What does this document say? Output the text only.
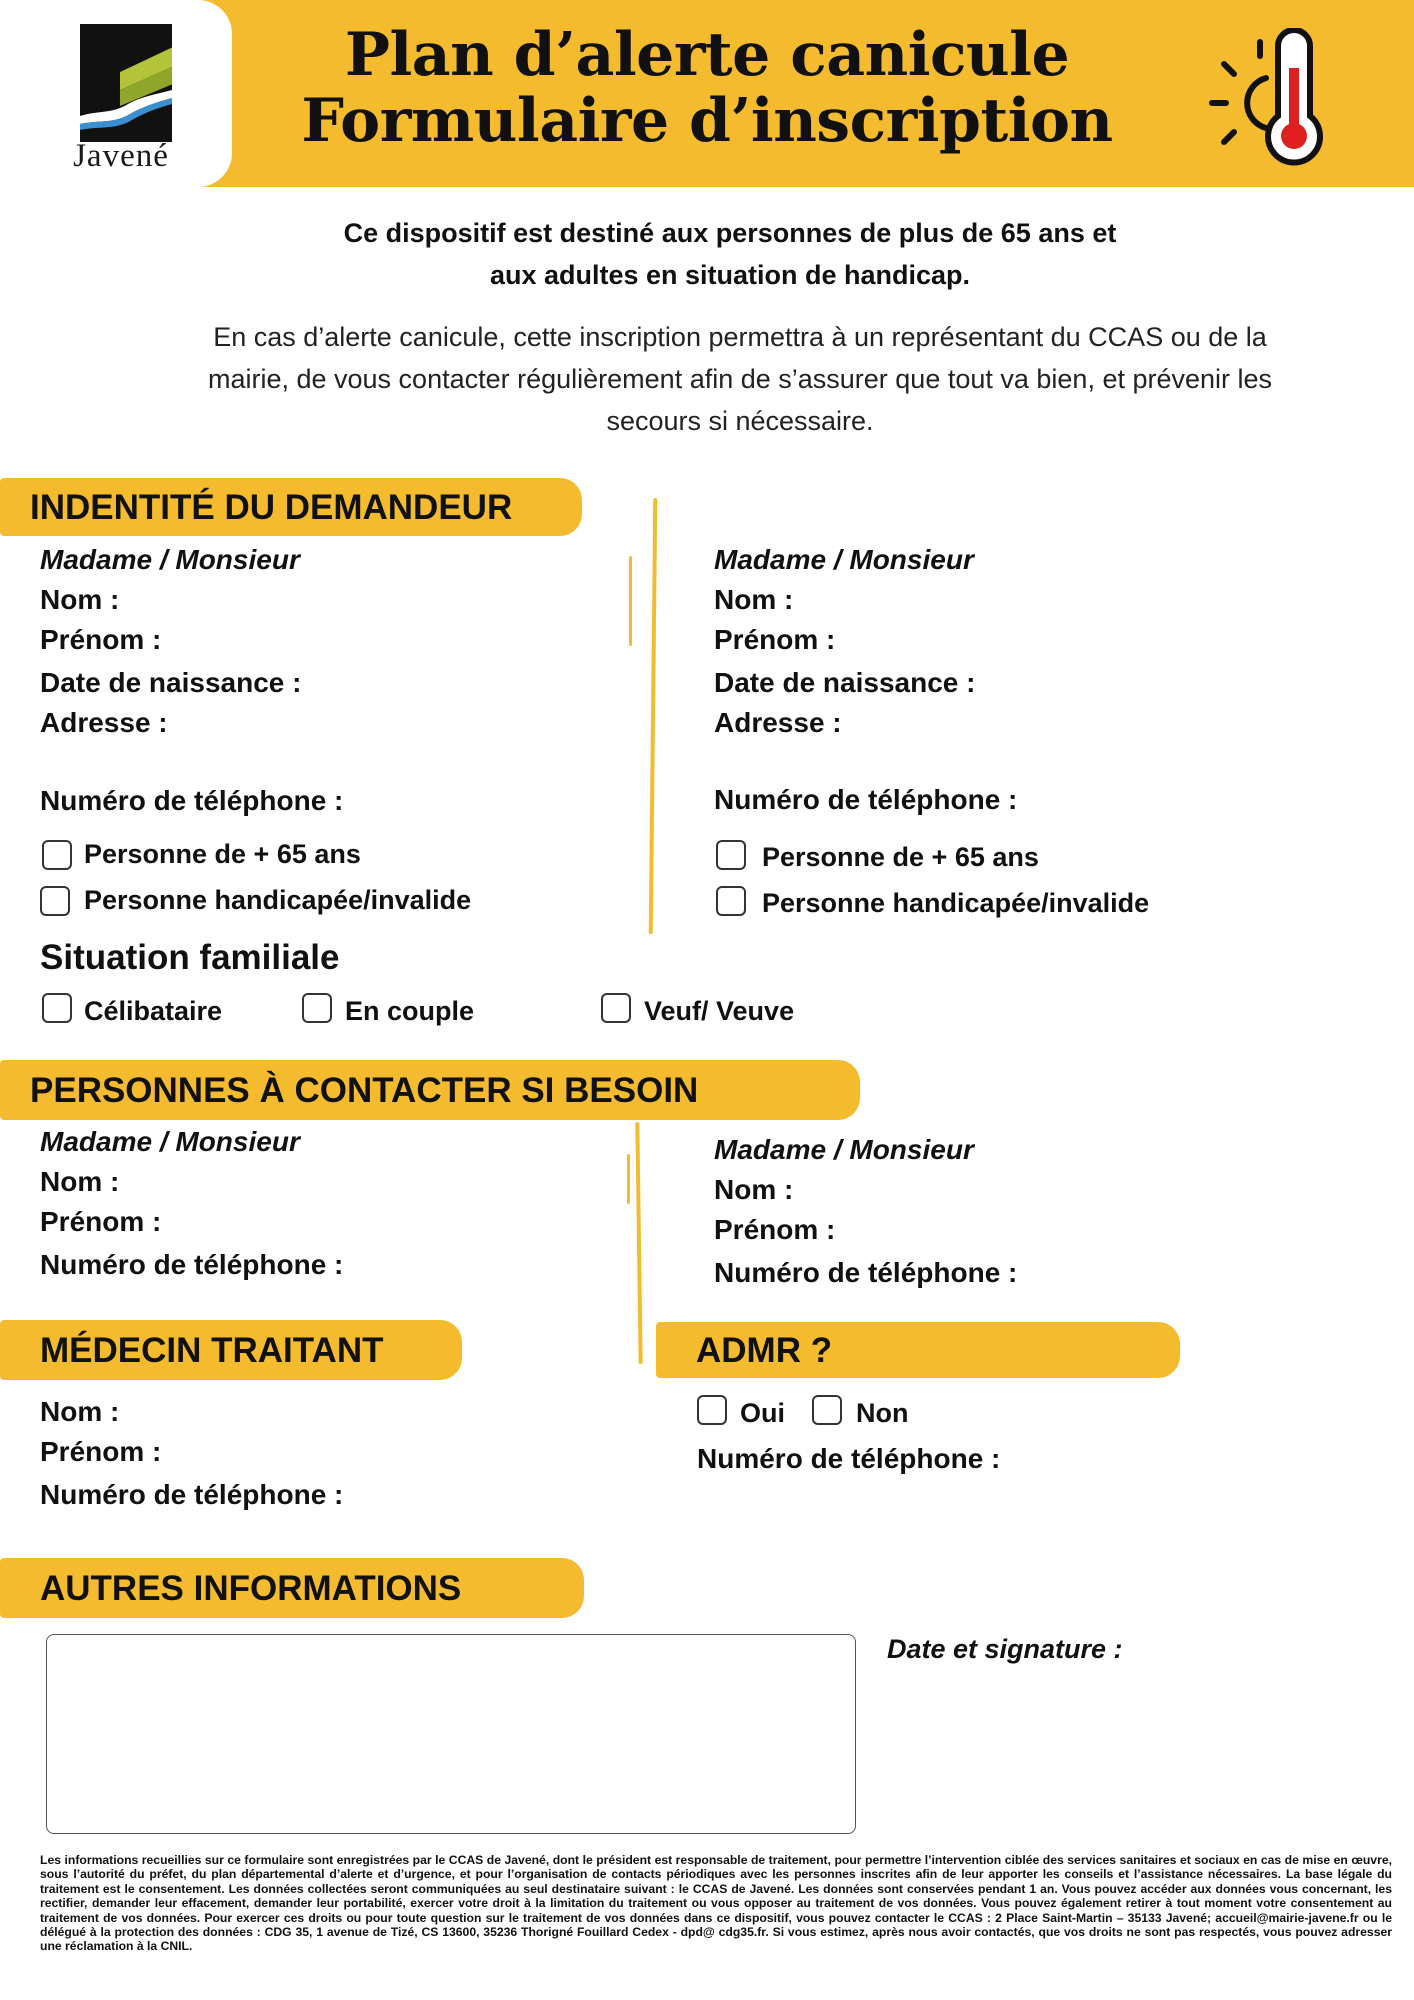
Javené
Plan d’alerte canicule
Formulaire d’inscription
Ce dispositif est destiné aux personnes de plus de 65 ans et
aux adultes en situation de handicap.
En cas d’alerte canicule, cette inscription permettra à un représentant du CCAS ou de la
mairie, de vous contacter régulièrement afin de s’assurer que tout va bien, et prévenir les
secours si nécessaire.
INDENTITÉ DU DEMANDEUR
Madame / Monsieur
Nom :
Prénom :
Date de naissance :
Adresse :
Numéro de téléphone :
Personne de + 65 ans
Personne handicapée/invalide
Madame / Monsieur
Nom :
Prénom :
Date de naissance :
Adresse :
Numéro de téléphone :
Personne de + 65 ans
Personne handicapée/invalide
Situation familiale
Célibataire	En couple	Veuf/ Veuve
PERSONNES À CONTACTER SI BESOIN
Madame / Monsieur
Nom :
Prénom :
Numéro de téléphone :
Madame / Monsieur
Nom :
Prénom :
Numéro de téléphone :
MÉDECIN TRAITANT
Nom :
Prénom :
Numéro de téléphone :
ADMR ?
Oui	Non
Numéro de téléphone :
AUTRES INFORMATIONS
Date et signature :
Les informations recueillies sur ce formulaire sont enregistrées par le CCAS de Javené, dont le président est responsable de traitement, pour permettre l’intervention ciblée des services sanitaires et sociaux en cas de mise en œuvre, sous l’autorité du préfet, du plan départemental d’alerte et d’urgence, et pour l’organisation de contacts périodiques avec les personnes inscrites afin de leur apporter les conseils et l’assistance nécessaires. La base légale du traitement est le consentement. Les données collectées seront communiquées au seul destinataire suivant : le CCAS de Javené. Les données sont conservées pendant 1 an. Vous pouvez accéder aux données vous concernant, les rectifier, demander leur effacement, demander leur portabilité, exercer votre droit à la limitation du traitement ou vous opposer au traitement de vos données. Vous pouvez également retirer à tout moment votre consentement au traitement de vos données. Pour exercer ces droits ou pour toute question sur le traitement de vos données dans ce dispositif, vous pouvez contacter le CCAS : 2 Place Saint-Martin – 35133 Javené; accueil@mairie-javene.fr ou le délégué à la protection des données : CDG 35, 1 avenue de Tizé, CS 13600, 35236 Thorigné Fouillard Cedex - dpd@ cdg35.fr. Si vous estimez, après nous avoir contactés, que vos droits ne sont pas respectés, vous pouvez adresser une réclamation à la CNIL.
